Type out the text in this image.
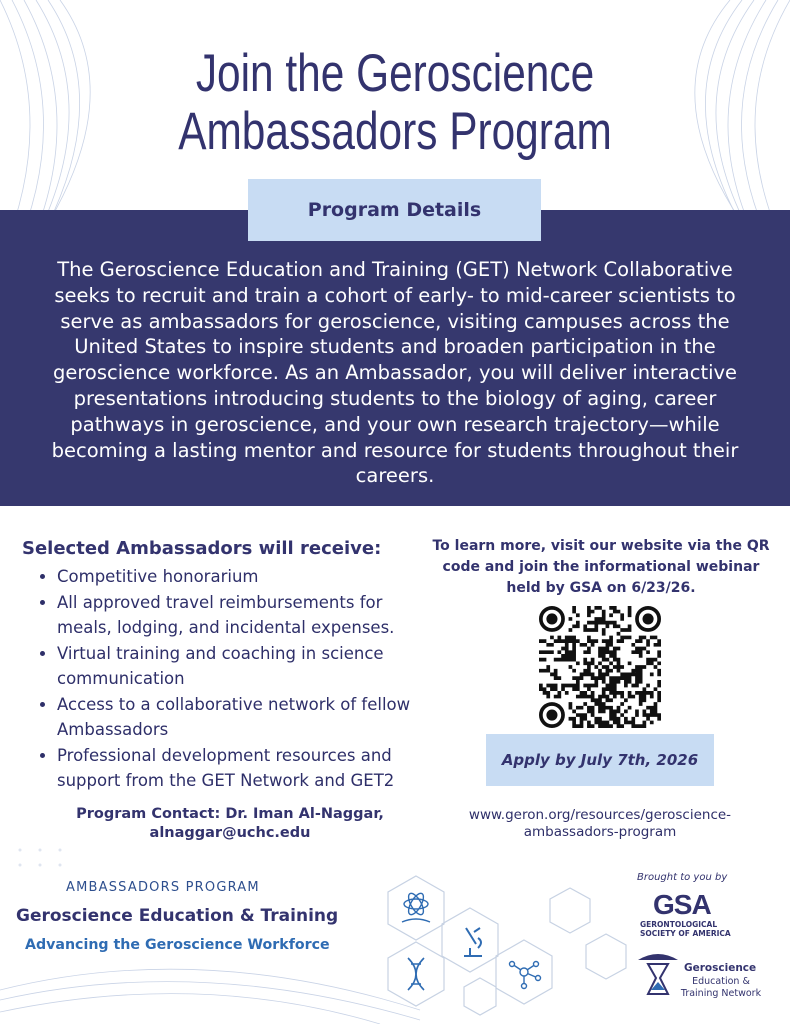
Join the Geroscience
Ambassadors Program
Program Details

The Geroscience Education and Training (GET) Network Collaborative seeks to recruit and train a cohort of early- to mid-career scientists to serve as ambassadors for geroscience, visiting campuses across the United States to inspire students and broaden participation in the geroscience workforce. As an Ambassador, you will deliver interactive presentations introducing students to the biology of aging, career pathways in geroscience, and your own research trajectory—while becoming a lasting mentor and resource for students throughout their careers.

Selected Ambassadors will receive:
• Competitive honorarium
• All approved travel reimbursements for meals, lodging, and incidental expenses.
• Virtual training and coaching in science communication
• Access to a collaborative network of fellow Ambassadors
• Professional development resources and support from the GET Network and GET2
Program Contact: Dr. Iman Al-Naggar,
alnaggar@uchc.edu
To learn more, visit our website via the QR code and join the informational webinar held by GSA on 6/23/26.
Apply by July 7th, 2026
www.geron.org/resources/geroscience-
ambassadors-program
AMBASSADORS PROGRAM
Geroscience Education & Training
Advancing the Geroscience Workforce
Brought to you by
GSA
GERONTOLOGICAL
SOCIETY OF AMERICA
Geroscience
Education &
Training Network
